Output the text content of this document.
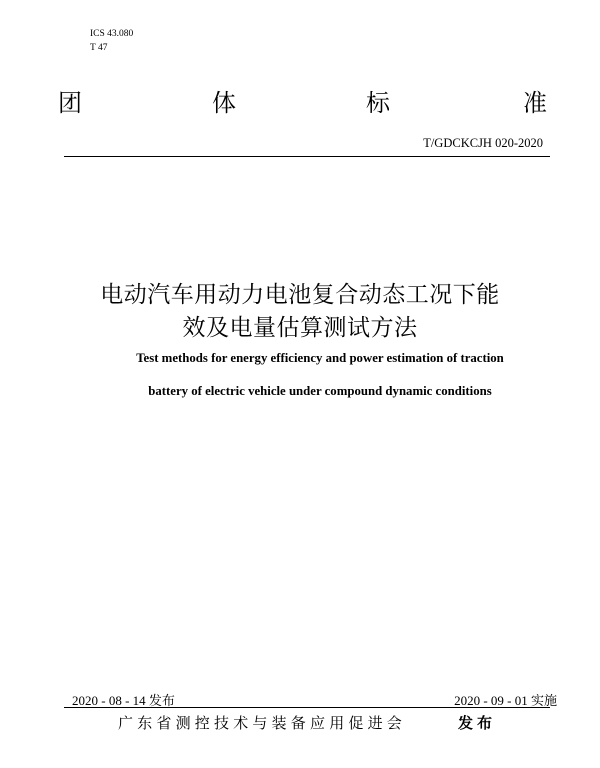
ICS 43.080
T 47
团	体	标	准
T/GDCKCJH 020-2020
电动汽车用动力电池复合动态工况下能
效及电量估算测试方法
Test methods for energy efficiency and power estimation of traction
battery of electric vehicle under compound dynamic conditions
2020 - 08 - 14 发布	2020 - 09 - 01 实施
广东省测控技术与装备应用促进会	发布
